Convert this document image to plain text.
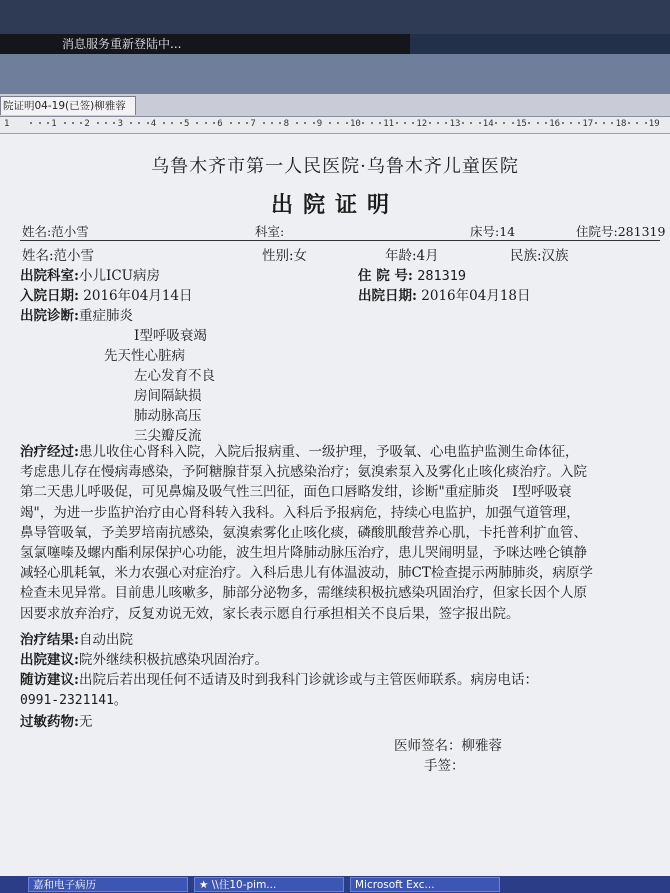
消息服务重新登陆中...
院证明04-19(已签)柳雅蓉
1	1	2	3	4	5	6	7	8	9	10 11 12 13 14 15 16 17 18 19
乌鲁木齐市第一人民医院·乌鲁木齐儿童医院
出院证明
姓名:范小雪	科室:	床号:14	住院号:281319
姓名:范小雪	性别:女	年龄:4月	民族:汉族
出院科室:小儿ICU病房	住 院 号: 281319
入院日期: 2016年04月14日	出院日期: 2016年04月18日
出院诊断:重症肺炎
I型呼吸衰竭
先天性心脏病
左心发育不良
房间隔缺损
肺动脉高压
三尖瓣反流
治疗经过:患儿收住心肾科入院，入院后报病重、一级护理，予吸氧、心电监护监测生命体征，
考虑患儿存在慢病毒感染，予阿糖腺苷泵入抗感染治疗；氨溴索泵入及雾化止咳化痰治疗。入院
第二天患儿呼吸促，可见鼻煽及吸气性三凹征，面色口唇略发绀，诊断"重症肺炎　I型呼吸衰
竭"，为进一步监护治疗由心肾科转入我科。入科后予报病危，持续心电监护，加强气道管理，
鼻导管吸氧，予美罗培南抗感染，氨溴索雾化止咳化痰，磷酸肌酸营养心肌，卡托普利扩血管、
氢氯噻嗪及螺内酯利尿保护心功能，波生坦片降肺动脉压治疗，患儿哭闹明显，予咪达唑仑镇静
减轻心肌耗氧，米力农强心对症治疗。入科后患儿有体温波动，肺CT检查提示两肺肺炎，病原学
检查未见异常。目前患儿咳嗽多，肺部分泌物多，需继续积极抗感染巩固治疗，但家长因个人原
因要求放弃治疗，反复劝说无效，家长表示愿自行承担相关不良后果，签字报出院。
治疗结果:自动出院
出院建议:院外继续积极抗感染巩固治疗。
随访建议:出院后若出现任何不适请及时到我科门诊就诊或与主管医师联系。病房电话：
0991-2321141。
过敏药物:无
医师签名：柳雅蓉
手签：
嘉和电子病历	★ \\住10-pim...	Microsoft Exc...
